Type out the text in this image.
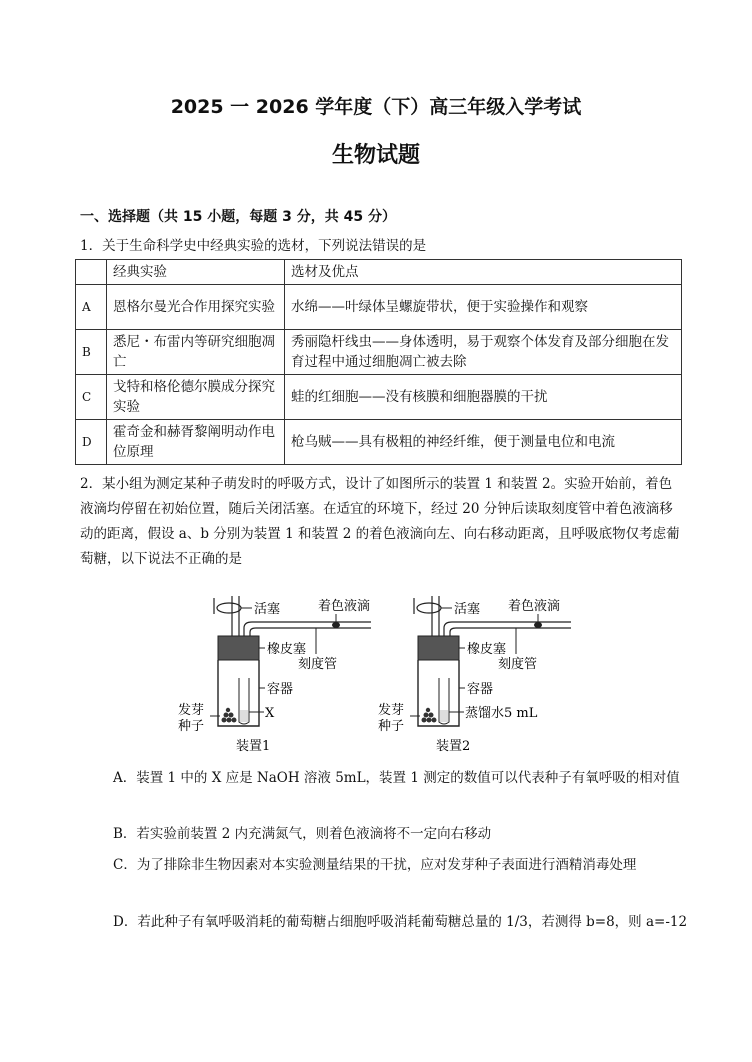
2025 一 2026 学年度（下）高三年级入学考试
生物试题
一、选择题（共 15 小题，每题 3 分，共 45 分）
1．关于生命科学史中经典实验的选材，下列说法错误的是
	经典实验	选材及优点
A	恩格尔曼光合作用探究实验	水绵——叶绿体呈螺旋带状，便于实验操作和观察
B	悉尼・布雷内等研究细胞凋亡	秀丽隐杆线虫——身体透明，易于观察个体发育及部分细胞在发育过程中通过细胞凋亡被去除
C	戈特和格伦德尔膜成分探究实验	蛙的红细胞——没有核膜和细胞器膜的干扰
D	霍奇金和赫胥黎阐明动作电位原理	枪乌贼——具有极粗的神经纤维，便于测量电位和电流
2．某小组为测定某种子萌发时的呼吸方式，设计了如图所示的装置 1 和装置 2。实验开始前，着色液滴均停留在初始位置，随后关闭活塞。在适宜的环境下，经过 20 分钟后读取刻度管中着色液滴移动的距离，假设 a、b 分别为装置 1 和装置 2 的着色液滴向左、向右移动距离，且呼吸底物仅考虑葡萄糖，以下说法不正确的是
活塞	着色液滴
橡皮塞
刻度管
容器
X
发芽种子
装置1
活塞 着色液滴
橡皮塞
刻度管
容器
蒸馏水5 mL
发芽种子
装置2
A．装置 1 中的 X 应是 NaOH 溶液 5mL，装置 1 测定的数值可以代表种子有氧呼吸的相对值
B．若实验前装置 2 内充满氮气，则着色液滴将不一定向右移动
C．为了排除非生物因素对本实验测量结果的干扰，应对发芽种子表面进行酒精消毒处理
D．若此种子有氧呼吸消耗的葡萄糖占细胞呼吸消耗葡萄糖总量的 1/3，若测得 b=8，则 a=-12
